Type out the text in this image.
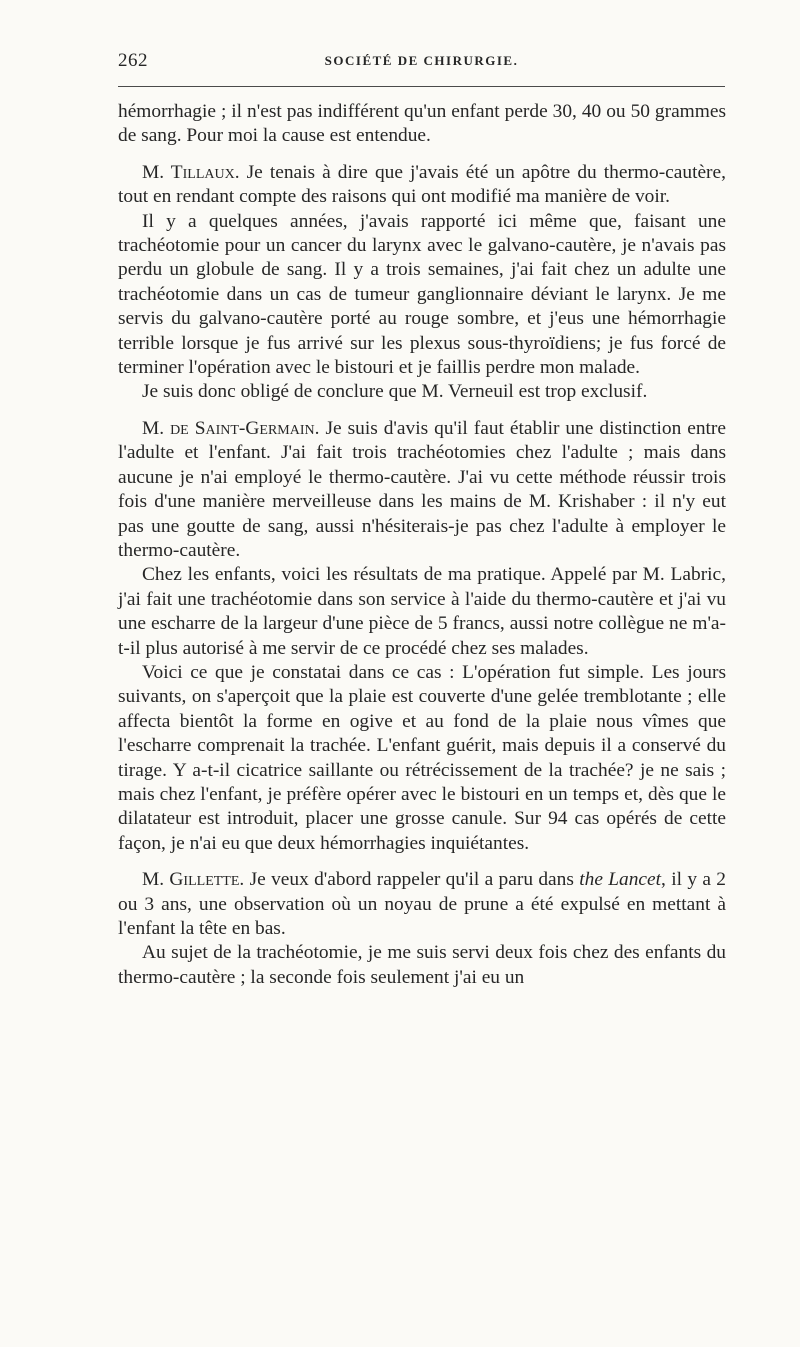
262	SOCIÉTÉ DE CHIRURGIE.

hémorrhagie ; il n'est pas indifférent qu'un enfant perde 30, 40 ou 50 grammes de sang. Pour moi la cause est entendue.

M. Tillaux. Je tenais à dire que j'avais été un apôtre du thermo-cautère, tout en rendant compte des raisons qui ont modifié ma manière de voir.

Il y a quelques années, j'avais rapporté ici même que, faisant une trachéotomie pour un cancer du larynx avec le galvano-cautère, je n'avais pas perdu un globule de sang. Il y a trois semaines, j'ai fait chez un adulte une trachéotomie dans un cas de tumeur ganglionnaire déviant le larynx. Je me servis du galvano-cautère porté au rouge sombre, et j'eus une hémorrhagie terrible lorsque je fus arrivé sur les plexus sous-thyroïdiens; je fus forcé de terminer l'opération avec le bistouri et je faillis perdre mon malade.

Je suis donc obligé de conclure que M. Verneuil est trop exclusif.

M. de Saint-Germain. Je suis d'avis qu'il faut établir une distinction entre l'adulte et l'enfant. J'ai fait trois trachéotomies chez l'adulte ; mais dans aucune je n'ai employé le thermo-cautère. J'ai vu cette méthode réussir trois fois d'une manière merveilleuse dans les mains de M. Krishaber : il n'y eut pas une goutte de sang, aussi n'hésiterais-je pas chez l'adulte à employer le thermo-cautère.

Chez les enfants, voici les résultats de ma pratique. Appelé par M. Labric, j'ai fait une trachéotomie dans son service à l'aide du thermo-cautère et j'ai vu une escharre de la largeur d'une pièce de 5 francs, aussi notre collègue ne m'a-t-il plus autorisé à me servir de ce procédé chez ses malades.

Voici ce que je constatai dans ce cas : L'opération fut simple. Les jours suivants, on s'aperçoit que la plaie est couverte d'une gelée tremblotante ; elle affecta bientôt la forme en ogive et au fond de la plaie nous vîmes que l'escharre comprenait la trachée. L'enfant guérit, mais depuis il a conservé du tirage. Y a-t-il cicatrice saillante ou rétrécissement de la trachée? je ne sais ; mais chez l'enfant, je préfère opérer avec le bistouri en un temps et, dès que le dilatateur est introduit, placer une grosse canule. Sur 94 cas opérés de cette façon, je n'ai eu que deux hémorrhagies inquiétantes.

M. Gillette. Je veux d'abord rappeler qu'il a paru dans the Lancet, il y a 2 ou 3 ans, une observation où un noyau de prune a été expulsé en mettant à l'enfant la tête en bas.

Au sujet de la trachéotomie, je me suis servi deux fois chez des enfants du thermo-cautère ; la seconde fois seulement j'ai eu un
